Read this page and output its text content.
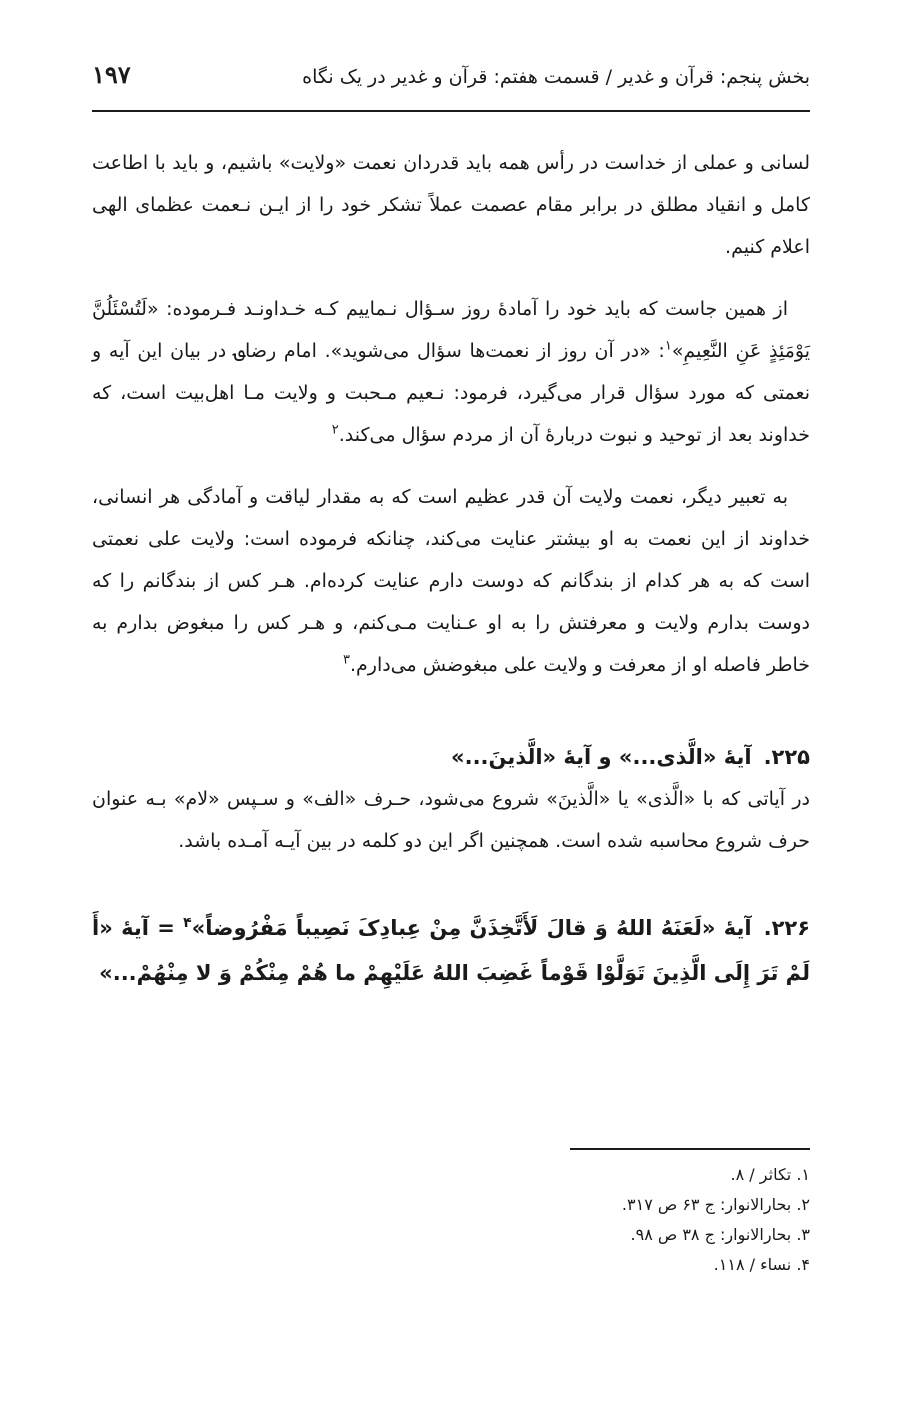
بخش پنجم: قرآن و غدیر / قسمت هفتم: قرآن و غدیر در یک نگاه
۱۹۷

لسانی و عملی از خداست در رأس همه باید قدردان نعمت «ولایت» باشیم، و باید با اطاعت کامل و انقیاد مطلق در برابر مقام عصمت عملاً تشکر خود را از ایـن نـعمت عظمای الهی اعلام کنیم.

از همین جاست که باید خود را آمادهٔ روز سـؤال نـماییم کـه خـداونـد فـرموده: «لَتُسْئَلُنَّ یَوْمَئِذٍ عَنِ النَّعِیمِ»$^۱$: «در آن روز از نعمت‌ها سؤال می‌شوید». امام رضا؈ در بیان این آیه و نعمتی که مورد سؤال قرار می‌گیرد، فرمود: نـعیم مـحبت و ولایت مـا اهل‌بیت است، که خداوند بعد از توحید و نبوت دربارهٔ آن از مردم سؤال می‌کند.$^۲$

به تعبیر دیگر، نعمت ولایت آن قدر عظیم است که به مقدار لیاقت و آمادگی هر انسانی، خداوند از این نعمت به او بیشتر عنایت می‌کند، چنانکه فرموده است: ولایت علی نعمتی است که به هر کدام از بندگانم که دوست دارم عنایت کرده‌ام. هـر کس از بندگانم را که دوست بدارم ولایت و معرفتش را به او عـنایت مـی‌کنم، و هـر کس را مبغوض بدارم به خاطر فاصله او از معرفت و ولایت علی مبغوضش می‌دارم.$^۳$

۲۲۵.آیهٔ «الَّذی...» و آیهٔ «الَّذینَ...»

در آیاتی که با «الَّذی» یا «الَّذینَ» شروع می‌شود، حـرف «الف» و سـپس «لام» بـه عنوان حرف شروع محاسبه شده است. همچنین اگر این دو کلمه در بین آیـه آمـده باشد.

۲۲۶.آیهٔ «لَعَنَهُ اللهُ وَ قالَ لَأَتَّخِذَنَّ مِنْ عِبادِکَ نَصِیباً مَفْرُوضاً»$^۴$ = آیهٔ «أَ لَمْ تَرَ إِلَی الَّذِینَ تَوَلَّوْا قَوْماً غَضِبَ اللهُ عَلَیْهِمْ ما هُمْ مِنْکُمْ وَ لا مِنْهُمْ...»
۱. تکاثر / ۸.
۲. بحارالانوار: ج ۶۳ ص ۳۱۷.
۳. بحارالانوار: ج ۳۸ ص ۹۸.
۴. نساء / ۱۱۸.
